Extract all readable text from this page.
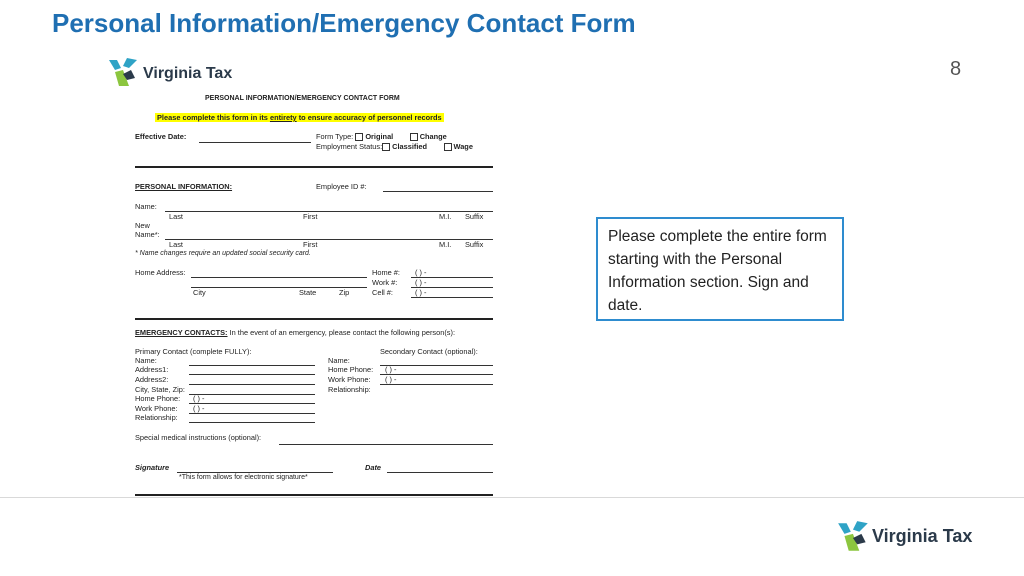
Personal Information/Emergency Contact Form
8
Virginia Tax
PERSONAL INFORMATION/EMERGENCY CONTACT FORM
Please complete this form in its entirety to ensure accuracy of personnel records
Effective Date:	Form Type: Original	Change
Employment Status: Classified	Wage
PERSONAL INFORMATION:	Employee ID #:
Name:
Last	First	M.I. Suffix
New
Name*:
Last	First	M.I. Suffix
* Name changes require an updated social security card.
Home Address:
City	State	Zip
Home #: ( ) -
Work #: ( ) -
Cell #:	( ) -
EMERGENCY CONTACTS: In the event of an emergency, please contact the following person(s):
Primary Contact (complete FULLY):	Secondary Contact (optional):
Name:
Address1:
Address2:
City, State, Zip:
Home Phone: ( ) -
Work Phone: ( ) -
Relationship:
Name:
Home Phone: ( ) -
Work Phone: ( ) -
Relationship:
Special medical instructions (optional):
Signature	Date
*This form allows for electronic signature*
Please complete the entire form starting with the Personal Information section. Sign and date.
Virginia Tax
